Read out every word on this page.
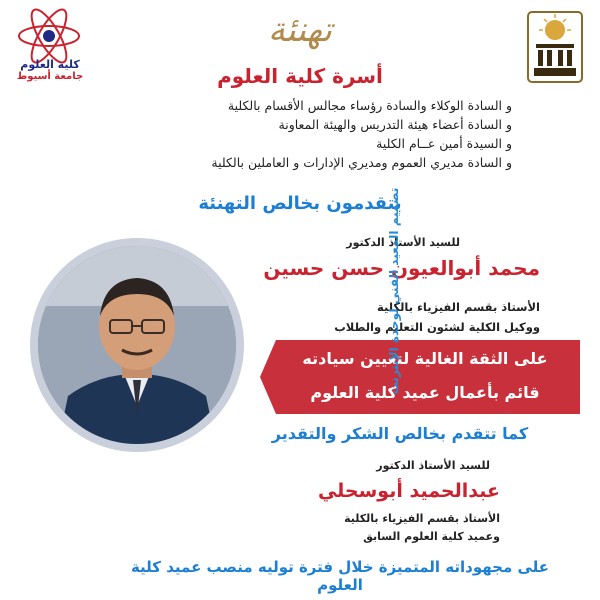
كلية العلوم
جامعة أسيوط
تهنئة
أسرة كلية العلوم
و السادة الوكلاء والسادة رؤساء مجالس الأقسام بالكلية
و السادة أعضاء هيئة التدريس والهيئة المعاونة
و السيدة أمين عــام الكلية
و السادة مديري العموم ومديري الإدارات و العاملين بالكلية
يتقدمون بخالص التهنئة
للسيد الأستاذ الدكتور
محمد أبوالعيون حسن حسين
الأستاذ بقسم الفيزياء بالكلية
ووكيل الكلية لشئون التعليم والطلاب
على الثقة الغالية لتعيين سيادته
قائم بأعمال عميد كلية العلوم
كما تتقدم بخالص الشكر والتقدير
للسيد الأستاذ الدكتور
عبدالحميد أبوسحلي
الأستاذ بقسم الفيزياء بالكلية
وعميد كلية العلوم السابق
على مجهوداته المتميزة خلال فترة توليه منصب عميد كلية العلوم
تصميم المعيد الفني لوحدة الإنترنت
